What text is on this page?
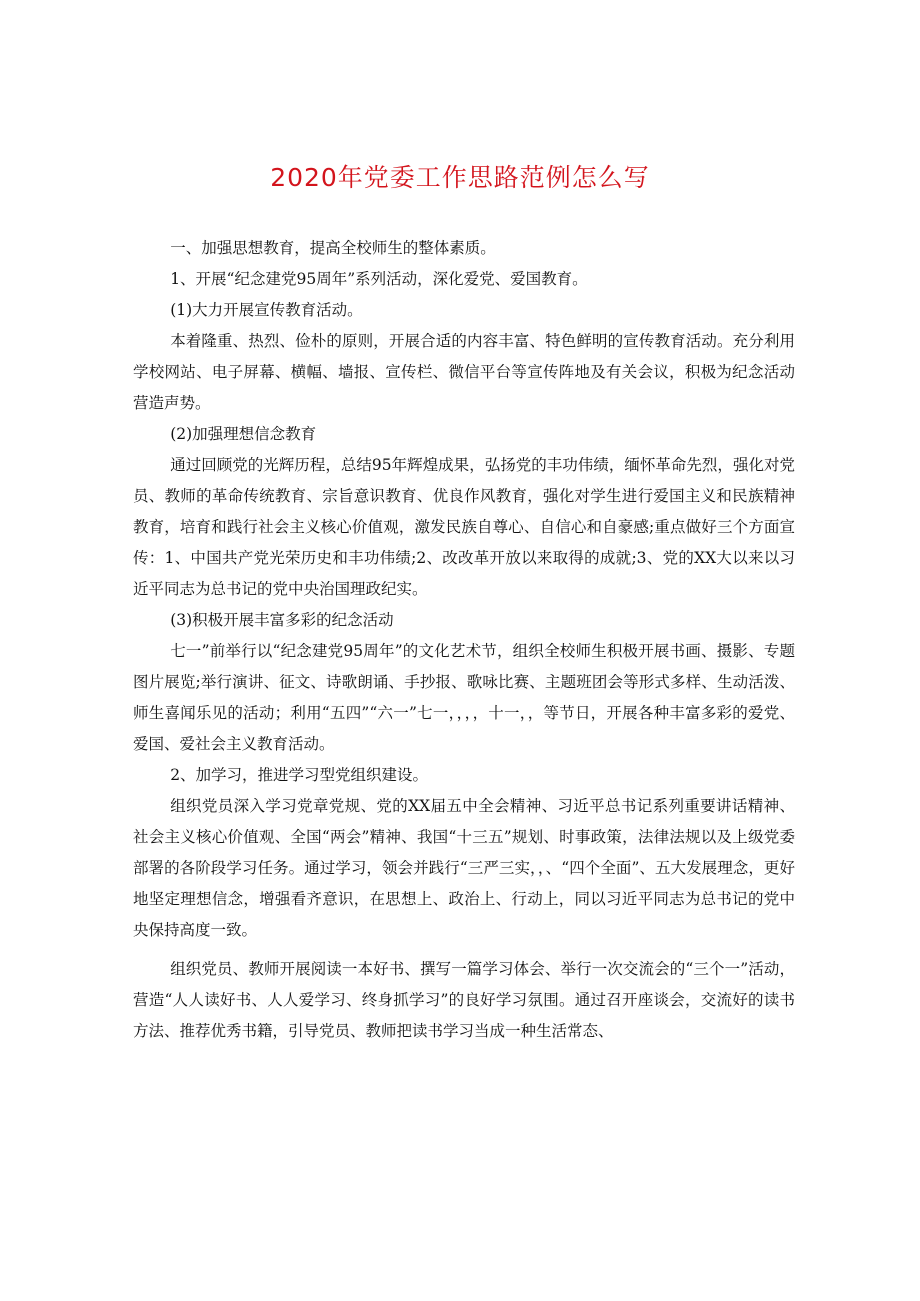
2020年党委工作思路范例怎么写

一、加强思想教育，提高全校师生的整体素质。

1、开展“纪念建党95周年”系列活动，深化爱党、爱国教育。

(1)大力开展宣传教育活动。

本着隆重、热烈、俭朴的原则，开展合适的内容丰富、特色鲜明的宣传教育活动。充分利用学校网站、电子屏幕、横幅、墙报、宣传栏、微信平台等宣传阵地及有关会议，积极为纪念活动营造声势。

(2)加强理想信念教育

通过回顾党的光辉历程，总结95年辉煌成果，弘扬党的丰功伟绩，缅怀革命先烈，强化对党员、教师的革命传统教育、宗旨意识教育、优良作风教育，强化对学生进行爱国主义和民族精神教育，培育和践行社会主义核心价值观，激发民族自尊心、自信心和自豪感;重点做好三个方面宣传：1、中国共产党光荣历史和丰功伟绩;2、改改革开放以来取得的成就;3、党的XX大以来以习近平同志为总书记的党中央治国理政纪实。

(3)积极开展丰富多彩的纪念活动

七一”前举行以“纪念建党95周年”的文化艺术节，组织全校师生积极开展书画、摄影、专题图片展览;举行演讲、征文、诗歌朗诵、手抄报、歌咏比赛、主题班团会等形式多样、生动活泼、师生喜闻乐见的活动；利用“五四”“六一”七一，，，，十一，，等节日，开展各种丰富多彩的爱党、爱国、爱社会主义教育活动。

2、加学习，推进学习型党组织建设。

组织党员深入学习党章党规、党的XX届五中全会精神、习近平总书记系列重要讲话精神、社会主义核心价值观、全国“两会”精神、我国“十三五”规划、时事政策，法律法规以及上级党委部署的各阶段学习任务。通过学习，领会并践行“三严三实，，、“四个全面”、五大发展理念，更好地坚定理想信念，增强看齐意识，在思想上、政治上、行动上，同以习近平同志为总书记的党中央保持高度一致。

组织党员、教师开展阅读一本好书、撰写一篇学习体会、举行一次交流会的“三个一”活动，营造“人人读好书、人人爱学习、终身抓学习”的良好学习氛围。通过召开座谈会，交流好的读书方法、推荐优秀书籍，引导党员、教师把读书学习当成一种生活常态、
